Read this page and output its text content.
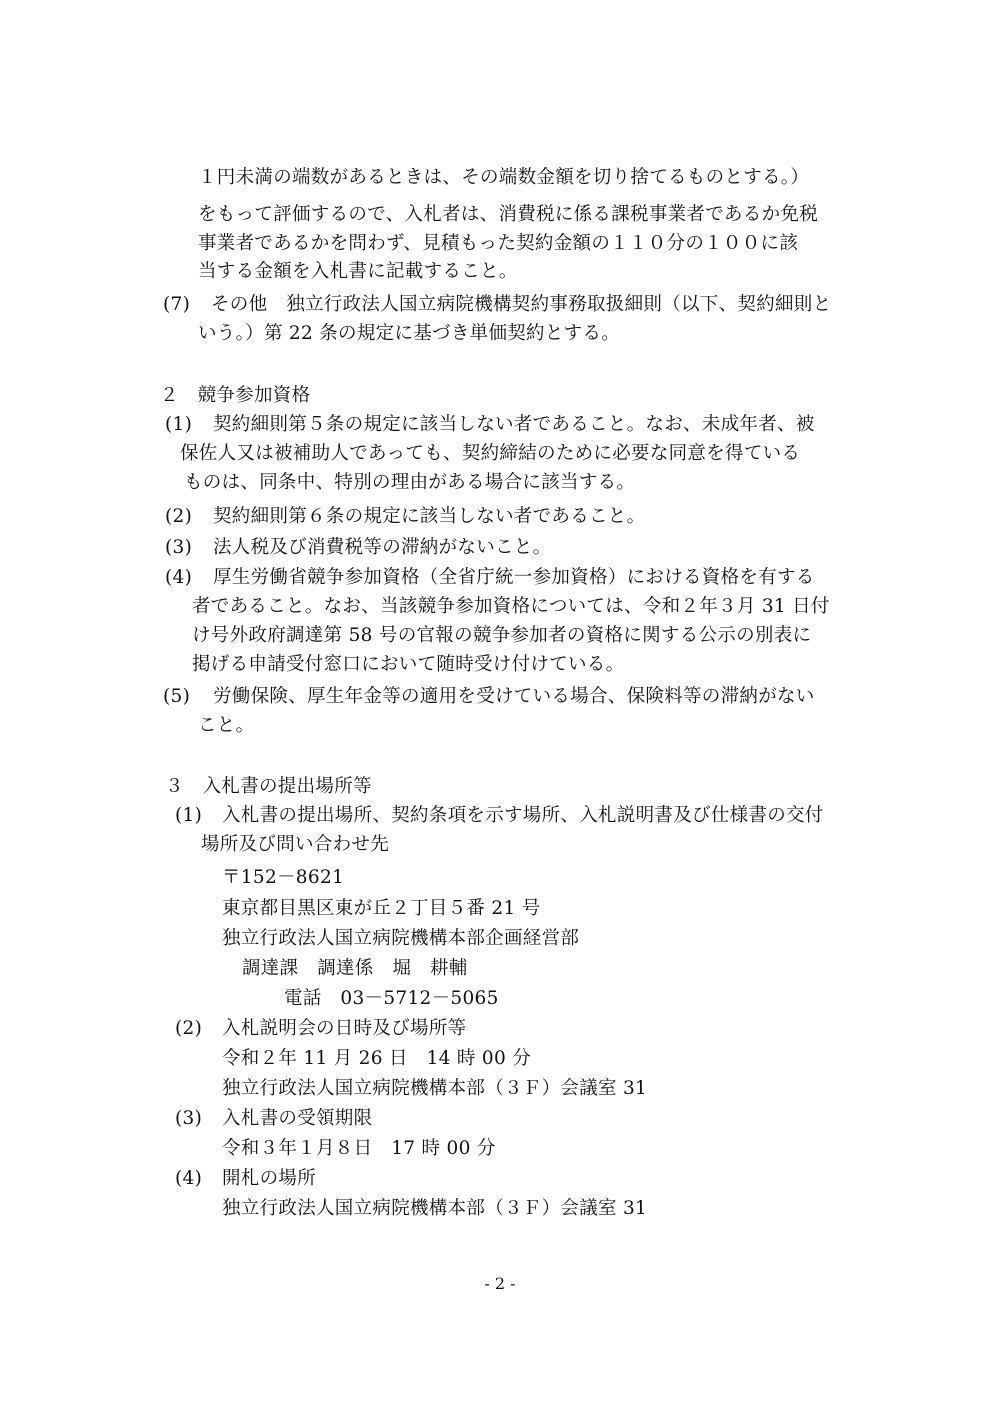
１円未満の端数があるときは、その端数金額を切り捨てるものとする。）
をもって評価するので、入札者は、消費税に係る課税事業者であるか免税
事業者であるかを問わず、見積もった契約金額の１１０分の１００に該
当する金額を入札書に記載すること。
(7) その他　独立行政法人国立病院機構契約事務取扱細則（以下、契約細則と
いう。）第 22 条の規定に基づき単価契約とする。
２　競争参加資格
(1) 契約細則第５条の規定に該当しない者であること。なお、未成年者、被
保佐人又は被補助人であっても、契約締結のために必要な同意を得ている
ものは、同条中、特別の理由がある場合に該当する。
(2) 契約細則第６条の規定に該当しない者であること。
(3) 法人税及び消費税等の滞納がないこと。
(4) 厚生労働省競争参加資格（全省庁統一参加資格）における資格を有する
者であること。なお、当該競争参加資格については、令和２年３月 31 日付
け号外政府調達第 58 号の官報の競争参加者の資格に関する公示の別表に
掲げる申請受付窓口において随時受け付けている。
(5) 労働保険、厚生年金等の適用を受けている場合、保険料等の滞納がない
こと。
３　入札書の提出場所等
(1) 入札書の提出場所、契約条項を示す場所、入札説明書及び仕様書の交付
場所及び問い合わせ先
〒152－8621
東京都目黒区東が丘２丁目５番 21 号
独立行政法人国立病院機構本部企画経営部
調達課　調達係　堀　耕輔
電話　03－5712－5065
(2) 入札説明会の日時及び場所等
令和２年 11 月 26 日　14 時 00 分
独立行政法人国立病院機構本部（３Ｆ）会議室 31
(3) 入札書の受領期限
令和３年１月８日　17 時 00 分
(4) 開札の場所
独立行政法人国立病院機構本部（３Ｆ）会議室 31
- 2 -
